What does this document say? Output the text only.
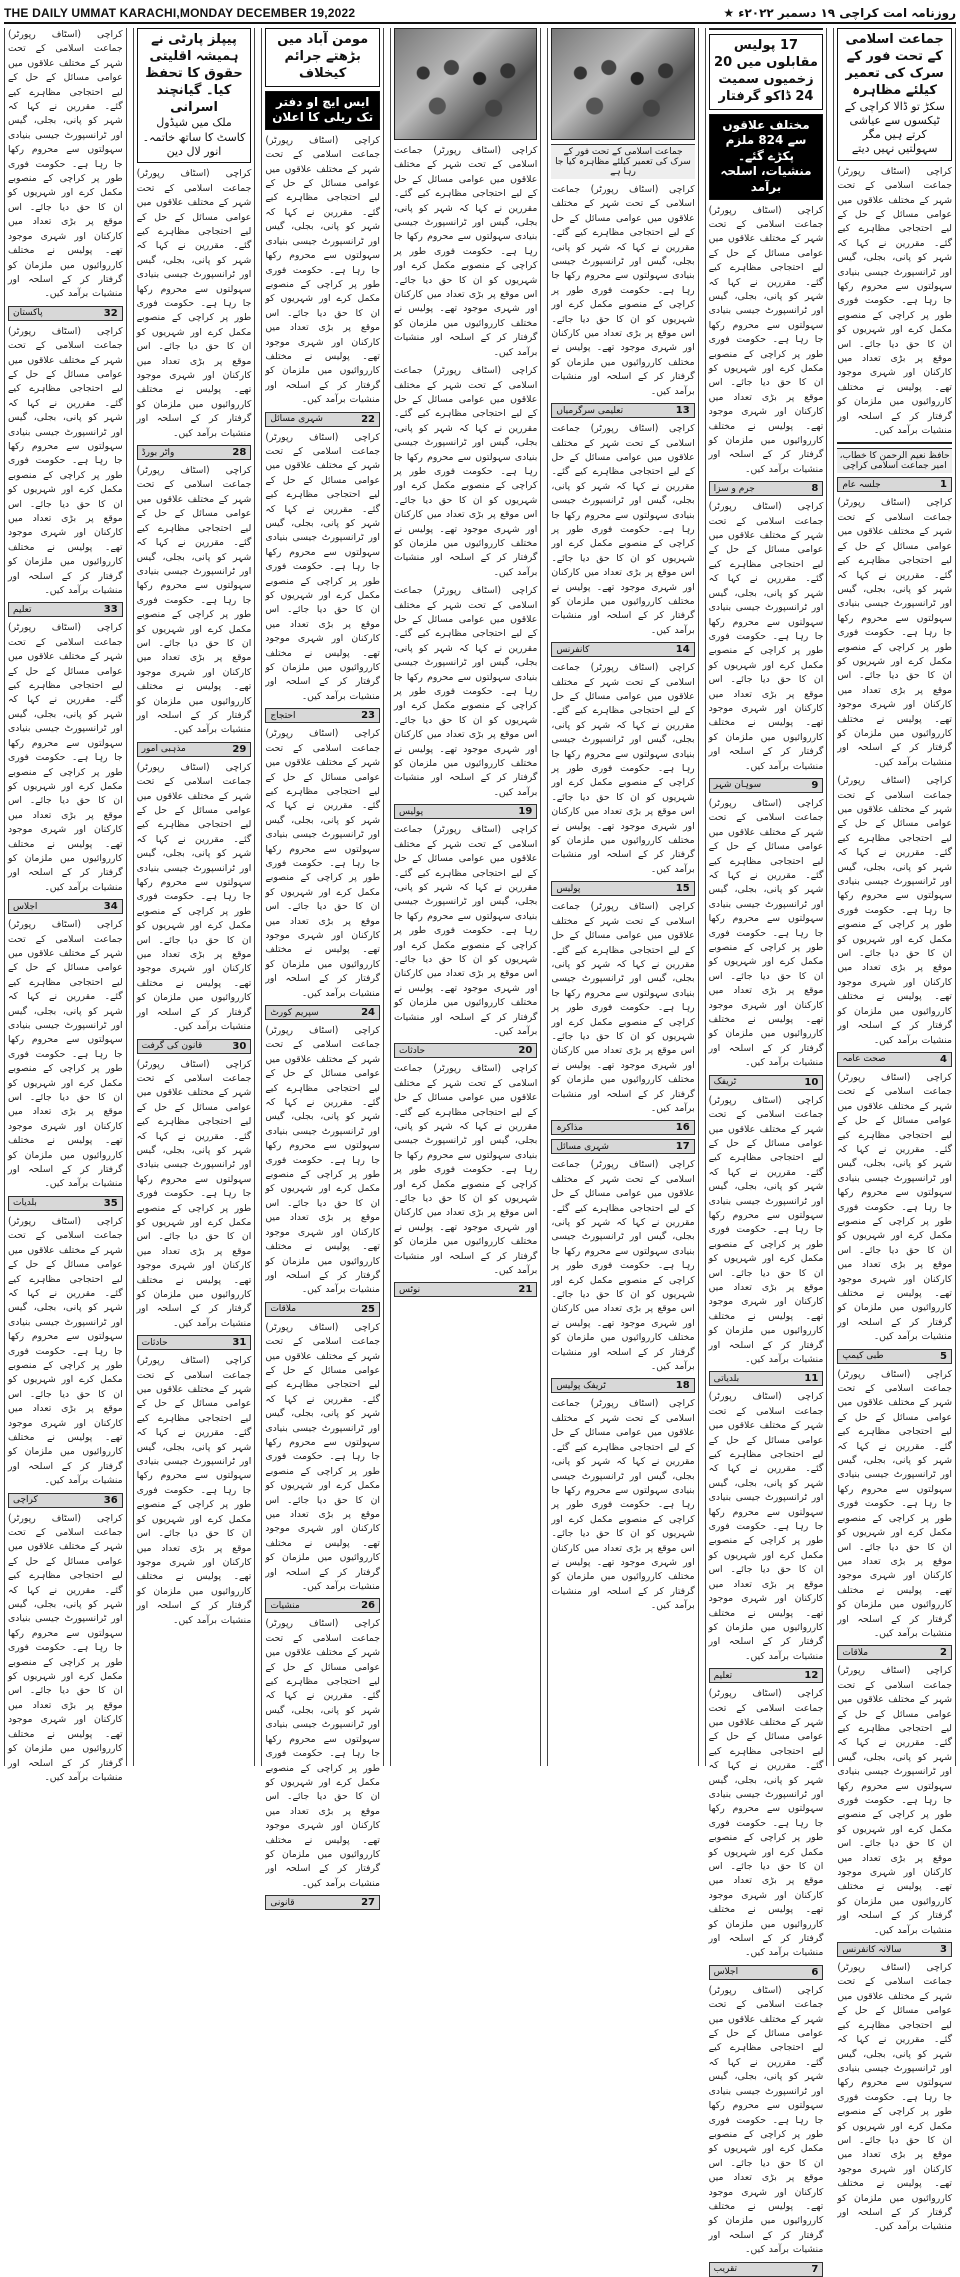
THE DAILY UMMAT KARACHI,MONDAY DECEMBER 19,2022	روزنامہ امت کراچی ۱۹ دسمبر ۲۰۲۲ء ★
جماعت اسلامی کے تحت فور کے سرک کی تعمیر کیلئے مظاہرہ
سکڑ تو ڈالا کراچی کے ٹیکسوں سے عیاشی کرتے ہیں مگر سہولتیں نہیں دیتے
کراچی (اسٹاف رپورٹر) جماعت اسلامی کے تحت شہر کے مختلف علاقوں میں عوامی مسائل کے حل کے لیے احتجاجی مظاہرے کیے گئے۔ مقررین نے کہا کہ شہر کو پانی، بجلی، گیس اور ٹرانسپورٹ جیسی بنیادی سہولتوں سے محروم رکھا جا رہا ہے۔ حکومت فوری طور پر کراچی کے منصوبے مکمل کرے اور شہریوں کو ان کا حق دیا جائے۔ اس موقع پر بڑی تعداد میں کارکنان اور شہری موجود تھے۔ پولیس نے مختلف کارروائیوں میں ملزمان کو گرفتار کر کے اسلحہ اور منشیات برآمد کیں۔
حافظ نعیم الرحمن کا خطاب، امیر جماعت اسلامی کراچی
1
جلسہ عام
کراچی (اسٹاف رپورٹر) جماعت اسلامی کے تحت شہر کے مختلف علاقوں میں عوامی مسائل کے حل کے لیے احتجاجی مظاہرے کیے گئے۔ مقررین نے کہا کہ شہر کو پانی، بجلی، گیس اور ٹرانسپورٹ جیسی بنیادی سہولتوں سے محروم رکھا جا رہا ہے۔ حکومت فوری طور پر کراچی کے منصوبے مکمل کرے اور شہریوں کو ان کا حق دیا جائے۔ اس موقع پر بڑی تعداد میں کارکنان اور شہری موجود تھے۔ پولیس نے مختلف کارروائیوں میں ملزمان کو گرفتار کر کے اسلحہ اور منشیات برآمد کیں۔
کراچی (اسٹاف رپورٹر) جماعت اسلامی کے تحت شہر کے مختلف علاقوں میں عوامی مسائل کے حل کے لیے احتجاجی مظاہرے کیے گئے۔ مقررین نے کہا کہ شہر کو پانی، بجلی، گیس اور ٹرانسپورٹ جیسی بنیادی سہولتوں سے محروم رکھا جا رہا ہے۔ حکومت فوری طور پر کراچی کے منصوبے مکمل کرے اور شہریوں کو ان کا حق دیا جائے۔ اس موقع پر بڑی تعداد میں کارکنان اور شہری موجود تھے۔ پولیس نے مختلف کارروائیوں میں ملزمان کو گرفتار کر کے اسلحہ اور منشیات برآمد کیں۔
4
صحت عامہ
کراچی (اسٹاف رپورٹر) جماعت اسلامی کے تحت شہر کے مختلف علاقوں میں عوامی مسائل کے حل کے لیے احتجاجی مظاہرے کیے گئے۔ مقررین نے کہا کہ شہر کو پانی، بجلی، گیس اور ٹرانسپورٹ جیسی بنیادی سہولتوں سے محروم رکھا جا رہا ہے۔ حکومت فوری طور پر کراچی کے منصوبے مکمل کرے اور شہریوں کو ان کا حق دیا جائے۔ اس موقع پر بڑی تعداد میں کارکنان اور شہری موجود تھے۔ پولیس نے مختلف کارروائیوں میں ملزمان کو گرفتار کر کے اسلحہ اور منشیات برآمد کیں۔
5
طبی کیمپ
کراچی (اسٹاف رپورٹر) جماعت اسلامی کے تحت شہر کے مختلف علاقوں میں عوامی مسائل کے حل کے لیے احتجاجی مظاہرے کیے گئے۔ مقررین نے کہا کہ شہر کو پانی، بجلی، گیس اور ٹرانسپورٹ جیسی بنیادی سہولتوں سے محروم رکھا جا رہا ہے۔ حکومت فوری طور پر کراچی کے منصوبے مکمل کرے اور شہریوں کو ان کا حق دیا جائے۔ اس موقع پر بڑی تعداد میں کارکنان اور شہری موجود تھے۔ پولیس نے مختلف کارروائیوں میں ملزمان کو گرفتار کر کے اسلحہ اور منشیات برآمد کیں۔
2
ملاقات
کراچی (اسٹاف رپورٹر) جماعت اسلامی کے تحت شہر کے مختلف علاقوں میں عوامی مسائل کے حل کے لیے احتجاجی مظاہرے کیے گئے۔ مقررین نے کہا کہ شہر کو پانی، بجلی، گیس اور ٹرانسپورٹ جیسی بنیادی سہولتوں سے محروم رکھا جا رہا ہے۔ حکومت فوری طور پر کراچی کے منصوبے مکمل کرے اور شہریوں کو ان کا حق دیا جائے۔ اس موقع پر بڑی تعداد میں کارکنان اور شہری موجود تھے۔ پولیس نے مختلف کارروائیوں میں ملزمان کو گرفتار کر کے اسلحہ اور منشیات برآمد کیں۔
3
سالانہ کانفرنس
کراچی (اسٹاف رپورٹر) جماعت اسلامی کے تحت شہر کے مختلف علاقوں میں عوامی مسائل کے حل کے لیے احتجاجی مظاہرے کیے گئے۔ مقررین نے کہا کہ شہر کو پانی، بجلی، گیس اور ٹرانسپورٹ جیسی بنیادی سہولتوں سے محروم رکھا جا رہا ہے۔ حکومت فوری طور پر کراچی کے منصوبے مکمل کرے اور شہریوں کو ان کا حق دیا جائے۔ اس موقع پر بڑی تعداد میں کارکنان اور شہری موجود تھے۔ پولیس نے مختلف کارروائیوں میں ملزمان کو گرفتار کر کے اسلحہ اور منشیات برآمد کیں۔
17 پولیس مقابلوں میں 20 زخمیوں سمیت 24 ڈاکو گرفتار
مختلف علاقوں سے 824 ملزم پکڑے گئے۔ منشیات، اسلحہ برآمد
کراچی (اسٹاف رپورٹر) جماعت اسلامی کے تحت شہر کے مختلف علاقوں میں عوامی مسائل کے حل کے لیے احتجاجی مظاہرے کیے گئے۔ مقررین نے کہا کہ شہر کو پانی، بجلی، گیس اور ٹرانسپورٹ جیسی بنیادی سہولتوں سے محروم رکھا جا رہا ہے۔ حکومت فوری طور پر کراچی کے منصوبے مکمل کرے اور شہریوں کو ان کا حق دیا جائے۔ اس موقع پر بڑی تعداد میں کارکنان اور شہری موجود تھے۔ پولیس نے مختلف کارروائیوں میں ملزمان کو گرفتار کر کے اسلحہ اور منشیات برآمد کیں۔
8
جرم و سزا
کراچی (اسٹاف رپورٹر) جماعت اسلامی کے تحت شہر کے مختلف علاقوں میں عوامی مسائل کے حل کے لیے احتجاجی مظاہرے کیے گئے۔ مقررین نے کہا کہ شہر کو پانی، بجلی، گیس اور ٹرانسپورٹ جیسی بنیادی سہولتوں سے محروم رکھا جا رہا ہے۔ حکومت فوری طور پر کراچی کے منصوبے مکمل کرے اور شہریوں کو ان کا حق دیا جائے۔ اس موقع پر بڑی تعداد میں کارکنان اور شہری موجود تھے۔ پولیس نے مختلف کارروائیوں میں ملزمان کو گرفتار کر کے اسلحہ اور منشیات برآمد کیں۔
9
سوہان شہر
کراچی (اسٹاف رپورٹر) جماعت اسلامی کے تحت شہر کے مختلف علاقوں میں عوامی مسائل کے حل کے لیے احتجاجی مظاہرے کیے گئے۔ مقررین نے کہا کہ شہر کو پانی، بجلی، گیس اور ٹرانسپورٹ جیسی بنیادی سہولتوں سے محروم رکھا جا رہا ہے۔ حکومت فوری طور پر کراچی کے منصوبے مکمل کرے اور شہریوں کو ان کا حق دیا جائے۔ اس موقع پر بڑی تعداد میں کارکنان اور شہری موجود تھے۔ پولیس نے مختلف کارروائیوں میں ملزمان کو گرفتار کر کے اسلحہ اور منشیات برآمد کیں۔
10
ٹریفک
کراچی (اسٹاف رپورٹر) جماعت اسلامی کے تحت شہر کے مختلف علاقوں میں عوامی مسائل کے حل کے لیے احتجاجی مظاہرے کیے گئے۔ مقررین نے کہا کہ شہر کو پانی، بجلی، گیس اور ٹرانسپورٹ جیسی بنیادی سہولتوں سے محروم رکھا جا رہا ہے۔ حکومت فوری طور پر کراچی کے منصوبے مکمل کرے اور شہریوں کو ان کا حق دیا جائے۔ اس موقع پر بڑی تعداد میں کارکنان اور شہری موجود تھے۔ پولیس نے مختلف کارروائیوں میں ملزمان کو گرفتار کر کے اسلحہ اور منشیات برآمد کیں۔
11
بلدیاتی
کراچی (اسٹاف رپورٹر) جماعت اسلامی کے تحت شہر کے مختلف علاقوں میں عوامی مسائل کے حل کے لیے احتجاجی مظاہرے کیے گئے۔ مقررین نے کہا کہ شہر کو پانی، بجلی، گیس اور ٹرانسپورٹ جیسی بنیادی سہولتوں سے محروم رکھا جا رہا ہے۔ حکومت فوری طور پر کراچی کے منصوبے مکمل کرے اور شہریوں کو ان کا حق دیا جائے۔ اس موقع پر بڑی تعداد میں کارکنان اور شہری موجود تھے۔ پولیس نے مختلف کارروائیوں میں ملزمان کو گرفتار کر کے اسلحہ اور منشیات برآمد کیں۔
12
تعلیم
کراچی (اسٹاف رپورٹر) جماعت اسلامی کے تحت شہر کے مختلف علاقوں میں عوامی مسائل کے حل کے لیے احتجاجی مظاہرے کیے گئے۔ مقررین نے کہا کہ شہر کو پانی، بجلی، گیس اور ٹرانسپورٹ جیسی بنیادی سہولتوں سے محروم رکھا جا رہا ہے۔ حکومت فوری طور پر کراچی کے منصوبے مکمل کرے اور شہریوں کو ان کا حق دیا جائے۔ اس موقع پر بڑی تعداد میں کارکنان اور شہری موجود تھے۔ پولیس نے مختلف کارروائیوں میں ملزمان کو گرفتار کر کے اسلحہ اور منشیات برآمد کیں۔
6
اجلاس
کراچی (اسٹاف رپورٹر) جماعت اسلامی کے تحت شہر کے مختلف علاقوں میں عوامی مسائل کے حل کے لیے احتجاجی مظاہرے کیے گئے۔ مقررین نے کہا کہ شہر کو پانی، بجلی، گیس اور ٹرانسپورٹ جیسی بنیادی سہولتوں سے محروم رکھا جا رہا ہے۔ حکومت فوری طور پر کراچی کے منصوبے مکمل کرے اور شہریوں کو ان کا حق دیا جائے۔ اس موقع پر بڑی تعداد میں کارکنان اور شہری موجود تھے۔ پولیس نے مختلف کارروائیوں میں ملزمان کو گرفتار کر کے اسلحہ اور منشیات برآمد کیں۔
7
تقریب
جماعت اسلامی کے تحت فور کے سرک کی تعمیر کیلئے مظاہرہ کیا جا رہا ہے
کراچی (اسٹاف رپورٹر) جماعت اسلامی کے تحت شہر کے مختلف علاقوں میں عوامی مسائل کے حل کے لیے احتجاجی مظاہرے کیے گئے۔ مقررین نے کہا کہ شہر کو پانی، بجلی، گیس اور ٹرانسپورٹ جیسی بنیادی سہولتوں سے محروم رکھا جا رہا ہے۔ حکومت فوری طور پر کراچی کے منصوبے مکمل کرے اور شہریوں کو ان کا حق دیا جائے۔ اس موقع پر بڑی تعداد میں کارکنان اور شہری موجود تھے۔ پولیس نے مختلف کارروائیوں میں ملزمان کو گرفتار کر کے اسلحہ اور منشیات برآمد کیں۔
13
تعلیمی سرگرمیاں
کراچی (اسٹاف رپورٹر) جماعت اسلامی کے تحت شہر کے مختلف علاقوں میں عوامی مسائل کے حل کے لیے احتجاجی مظاہرے کیے گئے۔ مقررین نے کہا کہ شہر کو پانی، بجلی، گیس اور ٹرانسپورٹ جیسی بنیادی سہولتوں سے محروم رکھا جا رہا ہے۔ حکومت فوری طور پر کراچی کے منصوبے مکمل کرے اور شہریوں کو ان کا حق دیا جائے۔ اس موقع پر بڑی تعداد میں کارکنان اور شہری موجود تھے۔ پولیس نے مختلف کارروائیوں میں ملزمان کو گرفتار کر کے اسلحہ اور منشیات برآمد کیں۔
14
کانفرنس
کراچی (اسٹاف رپورٹر) جماعت اسلامی کے تحت شہر کے مختلف علاقوں میں عوامی مسائل کے حل کے لیے احتجاجی مظاہرے کیے گئے۔ مقررین نے کہا کہ شہر کو پانی، بجلی، گیس اور ٹرانسپورٹ جیسی بنیادی سہولتوں سے محروم رکھا جا رہا ہے۔ حکومت فوری طور پر کراچی کے منصوبے مکمل کرے اور شہریوں کو ان کا حق دیا جائے۔ اس موقع پر بڑی تعداد میں کارکنان اور شہری موجود تھے۔ پولیس نے مختلف کارروائیوں میں ملزمان کو گرفتار کر کے اسلحہ اور منشیات برآمد کیں۔
15
پولیس
کراچی (اسٹاف رپورٹر) جماعت اسلامی کے تحت شہر کے مختلف علاقوں میں عوامی مسائل کے حل کے لیے احتجاجی مظاہرے کیے گئے۔ مقررین نے کہا کہ شہر کو پانی، بجلی، گیس اور ٹرانسپورٹ جیسی بنیادی سہولتوں سے محروم رکھا جا رہا ہے۔ حکومت فوری طور پر کراچی کے منصوبے مکمل کرے اور شہریوں کو ان کا حق دیا جائے۔ اس موقع پر بڑی تعداد میں کارکنان اور شہری موجود تھے۔ پولیس نے مختلف کارروائیوں میں ملزمان کو گرفتار کر کے اسلحہ اور منشیات برآمد کیں۔
16
مذاکرہ
17
شہری مسائل
کراچی (اسٹاف رپورٹر) جماعت اسلامی کے تحت شہر کے مختلف علاقوں میں عوامی مسائل کے حل کے لیے احتجاجی مظاہرے کیے گئے۔ مقررین نے کہا کہ شہر کو پانی، بجلی، گیس اور ٹرانسپورٹ جیسی بنیادی سہولتوں سے محروم رکھا جا رہا ہے۔ حکومت فوری طور پر کراچی کے منصوبے مکمل کرے اور شہریوں کو ان کا حق دیا جائے۔ اس موقع پر بڑی تعداد میں کارکنان اور شہری موجود تھے۔ پولیس نے مختلف کارروائیوں میں ملزمان کو گرفتار کر کے اسلحہ اور منشیات برآمد کیں۔
18
ٹریفک پولیس
کراچی (اسٹاف رپورٹر) جماعت اسلامی کے تحت شہر کے مختلف علاقوں میں عوامی مسائل کے حل کے لیے احتجاجی مظاہرے کیے گئے۔ مقررین نے کہا کہ شہر کو پانی، بجلی، گیس اور ٹرانسپورٹ جیسی بنیادی سہولتوں سے محروم رکھا جا رہا ہے۔ حکومت فوری طور پر کراچی کے منصوبے مکمل کرے اور شہریوں کو ان کا حق دیا جائے۔ اس موقع پر بڑی تعداد میں کارکنان اور شہری موجود تھے۔ پولیس نے مختلف کارروائیوں میں ملزمان کو گرفتار کر کے اسلحہ اور منشیات برآمد کیں۔
کراچی (اسٹاف رپورٹر) جماعت اسلامی کے تحت شہر کے مختلف علاقوں میں عوامی مسائل کے حل کے لیے احتجاجی مظاہرے کیے گئے۔ مقررین نے کہا کہ شہر کو پانی، بجلی، گیس اور ٹرانسپورٹ جیسی بنیادی سہولتوں سے محروم رکھا جا رہا ہے۔ حکومت فوری طور پر کراچی کے منصوبے مکمل کرے اور شہریوں کو ان کا حق دیا جائے۔ اس موقع پر بڑی تعداد میں کارکنان اور شہری موجود تھے۔ پولیس نے مختلف کارروائیوں میں ملزمان کو گرفتار کر کے اسلحہ اور منشیات برآمد کیں۔
کراچی (اسٹاف رپورٹر) جماعت اسلامی کے تحت شہر کے مختلف علاقوں میں عوامی مسائل کے حل کے لیے احتجاجی مظاہرے کیے گئے۔ مقررین نے کہا کہ شہر کو پانی، بجلی، گیس اور ٹرانسپورٹ جیسی بنیادی سہولتوں سے محروم رکھا جا رہا ہے۔ حکومت فوری طور پر کراچی کے منصوبے مکمل کرے اور شہریوں کو ان کا حق دیا جائے۔ اس موقع پر بڑی تعداد میں کارکنان اور شہری موجود تھے۔ پولیس نے مختلف کارروائیوں میں ملزمان کو گرفتار کر کے اسلحہ اور منشیات برآمد کیں۔
کراچی (اسٹاف رپورٹر) جماعت اسلامی کے تحت شہر کے مختلف علاقوں میں عوامی مسائل کے حل کے لیے احتجاجی مظاہرے کیے گئے۔ مقررین نے کہا کہ شہر کو پانی، بجلی، گیس اور ٹرانسپورٹ جیسی بنیادی سہولتوں سے محروم رکھا جا رہا ہے۔ حکومت فوری طور پر کراچی کے منصوبے مکمل کرے اور شہریوں کو ان کا حق دیا جائے۔ اس موقع پر بڑی تعداد میں کارکنان اور شہری موجود تھے۔ پولیس نے مختلف کارروائیوں میں ملزمان کو گرفتار کر کے اسلحہ اور منشیات برآمد کیں۔
19
پولیس
کراچی (اسٹاف رپورٹر) جماعت اسلامی کے تحت شہر کے مختلف علاقوں میں عوامی مسائل کے حل کے لیے احتجاجی مظاہرے کیے گئے۔ مقررین نے کہا کہ شہر کو پانی، بجلی، گیس اور ٹرانسپورٹ جیسی بنیادی سہولتوں سے محروم رکھا جا رہا ہے۔ حکومت فوری طور پر کراچی کے منصوبے مکمل کرے اور شہریوں کو ان کا حق دیا جائے۔ اس موقع پر بڑی تعداد میں کارکنان اور شہری موجود تھے۔ پولیس نے مختلف کارروائیوں میں ملزمان کو گرفتار کر کے اسلحہ اور منشیات برآمد کیں۔
20
حادثات
کراچی (اسٹاف رپورٹر) جماعت اسلامی کے تحت شہر کے مختلف علاقوں میں عوامی مسائل کے حل کے لیے احتجاجی مظاہرے کیے گئے۔ مقررین نے کہا کہ شہر کو پانی، بجلی، گیس اور ٹرانسپورٹ جیسی بنیادی سہولتوں سے محروم رکھا جا رہا ہے۔ حکومت فوری طور پر کراچی کے منصوبے مکمل کرے اور شہریوں کو ان کا حق دیا جائے۔ اس موقع پر بڑی تعداد میں کارکنان اور شہری موجود تھے۔ پولیس نے مختلف کارروائیوں میں ملزمان کو گرفتار کر کے اسلحہ اور منشیات برآمد کیں۔
21
نوٹس
مومن آباد میں بڑھتے جرائم کیخلاف
ایس ایچ او دفتر تک ریلی کا اعلان
کراچی (اسٹاف رپورٹر) جماعت اسلامی کے تحت شہر کے مختلف علاقوں میں عوامی مسائل کے حل کے لیے احتجاجی مظاہرے کیے گئے۔ مقررین نے کہا کہ شہر کو پانی، بجلی، گیس اور ٹرانسپورٹ جیسی بنیادی سہولتوں سے محروم رکھا جا رہا ہے۔ حکومت فوری طور پر کراچی کے منصوبے مکمل کرے اور شہریوں کو ان کا حق دیا جائے۔ اس موقع پر بڑی تعداد میں کارکنان اور شہری موجود تھے۔ پولیس نے مختلف کارروائیوں میں ملزمان کو گرفتار کر کے اسلحہ اور منشیات برآمد کیں۔
22
شہری مسائل
کراچی (اسٹاف رپورٹر) جماعت اسلامی کے تحت شہر کے مختلف علاقوں میں عوامی مسائل کے حل کے لیے احتجاجی مظاہرے کیے گئے۔ مقررین نے کہا کہ شہر کو پانی، بجلی، گیس اور ٹرانسپورٹ جیسی بنیادی سہولتوں سے محروم رکھا جا رہا ہے۔ حکومت فوری طور پر کراچی کے منصوبے مکمل کرے اور شہریوں کو ان کا حق دیا جائے۔ اس موقع پر بڑی تعداد میں کارکنان اور شہری موجود تھے۔ پولیس نے مختلف کارروائیوں میں ملزمان کو گرفتار کر کے اسلحہ اور منشیات برآمد کیں۔
23
احتجاج
کراچی (اسٹاف رپورٹر) جماعت اسلامی کے تحت شہر کے مختلف علاقوں میں عوامی مسائل کے حل کے لیے احتجاجی مظاہرے کیے گئے۔ مقررین نے کہا کہ شہر کو پانی، بجلی، گیس اور ٹرانسپورٹ جیسی بنیادی سہولتوں سے محروم رکھا جا رہا ہے۔ حکومت فوری طور پر کراچی کے منصوبے مکمل کرے اور شہریوں کو ان کا حق دیا جائے۔ اس موقع پر بڑی تعداد میں کارکنان اور شہری موجود تھے۔ پولیس نے مختلف کارروائیوں میں ملزمان کو گرفتار کر کے اسلحہ اور منشیات برآمد کیں۔
24
سپریم کورٹ
کراچی (اسٹاف رپورٹر) جماعت اسلامی کے تحت شہر کے مختلف علاقوں میں عوامی مسائل کے حل کے لیے احتجاجی مظاہرے کیے گئے۔ مقررین نے کہا کہ شہر کو پانی، بجلی، گیس اور ٹرانسپورٹ جیسی بنیادی سہولتوں سے محروم رکھا جا رہا ہے۔ حکومت فوری طور پر کراچی کے منصوبے مکمل کرے اور شہریوں کو ان کا حق دیا جائے۔ اس موقع پر بڑی تعداد میں کارکنان اور شہری موجود تھے۔ پولیس نے مختلف کارروائیوں میں ملزمان کو گرفتار کر کے اسلحہ اور منشیات برآمد کیں۔
25
ملاقات
کراچی (اسٹاف رپورٹر) جماعت اسلامی کے تحت شہر کے مختلف علاقوں میں عوامی مسائل کے حل کے لیے احتجاجی مظاہرے کیے گئے۔ مقررین نے کہا کہ شہر کو پانی، بجلی، گیس اور ٹرانسپورٹ جیسی بنیادی سہولتوں سے محروم رکھا جا رہا ہے۔ حکومت فوری طور پر کراچی کے منصوبے مکمل کرے اور شہریوں کو ان کا حق دیا جائے۔ اس موقع پر بڑی تعداد میں کارکنان اور شہری موجود تھے۔ پولیس نے مختلف کارروائیوں میں ملزمان کو گرفتار کر کے اسلحہ اور منشیات برآمد کیں۔
26
منشیات
کراچی (اسٹاف رپورٹر) جماعت اسلامی کے تحت شہر کے مختلف علاقوں میں عوامی مسائل کے حل کے لیے احتجاجی مظاہرے کیے گئے۔ مقررین نے کہا کہ شہر کو پانی، بجلی، گیس اور ٹرانسپورٹ جیسی بنیادی سہولتوں سے محروم رکھا جا رہا ہے۔ حکومت فوری طور پر کراچی کے منصوبے مکمل کرے اور شہریوں کو ان کا حق دیا جائے۔ اس موقع پر بڑی تعداد میں کارکنان اور شہری موجود تھے۔ پولیس نے مختلف کارروائیوں میں ملزمان کو گرفتار کر کے اسلحہ اور منشیات برآمد کیں۔
27
قانونی
پیپلز پارٹی نے ہمیشہ اقلیتی حقوق کا تحفظ کیا۔ گیانچند اسرانی
ملک میں شیڈول کاسٹ کا ساتھ خاتمہ۔ انور لال دین
کراچی (اسٹاف رپورٹر) جماعت اسلامی کے تحت شہر کے مختلف علاقوں میں عوامی مسائل کے حل کے لیے احتجاجی مظاہرے کیے گئے۔ مقررین نے کہا کہ شہر کو پانی، بجلی، گیس اور ٹرانسپورٹ جیسی بنیادی سہولتوں سے محروم رکھا جا رہا ہے۔ حکومت فوری طور پر کراچی کے منصوبے مکمل کرے اور شہریوں کو ان کا حق دیا جائے۔ اس موقع پر بڑی تعداد میں کارکنان اور شہری موجود تھے۔ پولیس نے مختلف کارروائیوں میں ملزمان کو گرفتار کر کے اسلحہ اور منشیات برآمد کیں۔
28
واٹر بورڈ
کراچی (اسٹاف رپورٹر) جماعت اسلامی کے تحت شہر کے مختلف علاقوں میں عوامی مسائل کے حل کے لیے احتجاجی مظاہرے کیے گئے۔ مقررین نے کہا کہ شہر کو پانی، بجلی، گیس اور ٹرانسپورٹ جیسی بنیادی سہولتوں سے محروم رکھا جا رہا ہے۔ حکومت فوری طور پر کراچی کے منصوبے مکمل کرے اور شہریوں کو ان کا حق دیا جائے۔ اس موقع پر بڑی تعداد میں کارکنان اور شہری موجود تھے۔ پولیس نے مختلف کارروائیوں میں ملزمان کو گرفتار کر کے اسلحہ اور منشیات برآمد کیں۔
29
مذہبی امور
کراچی (اسٹاف رپورٹر) جماعت اسلامی کے تحت شہر کے مختلف علاقوں میں عوامی مسائل کے حل کے لیے احتجاجی مظاہرے کیے گئے۔ مقررین نے کہا کہ شہر کو پانی، بجلی، گیس اور ٹرانسپورٹ جیسی بنیادی سہولتوں سے محروم رکھا جا رہا ہے۔ حکومت فوری طور پر کراچی کے منصوبے مکمل کرے اور شہریوں کو ان کا حق دیا جائے۔ اس موقع پر بڑی تعداد میں کارکنان اور شہری موجود تھے۔ پولیس نے مختلف کارروائیوں میں ملزمان کو گرفتار کر کے اسلحہ اور منشیات برآمد کیں۔
30
قانون کی گرفت
کراچی (اسٹاف رپورٹر) جماعت اسلامی کے تحت شہر کے مختلف علاقوں میں عوامی مسائل کے حل کے لیے احتجاجی مظاہرے کیے گئے۔ مقررین نے کہا کہ شہر کو پانی، بجلی، گیس اور ٹرانسپورٹ جیسی بنیادی سہولتوں سے محروم رکھا جا رہا ہے۔ حکومت فوری طور پر کراچی کے منصوبے مکمل کرے اور شہریوں کو ان کا حق دیا جائے۔ اس موقع پر بڑی تعداد میں کارکنان اور شہری موجود تھے۔ پولیس نے مختلف کارروائیوں میں ملزمان کو گرفتار کر کے اسلحہ اور منشیات برآمد کیں۔
31
حادثات
کراچی (اسٹاف رپورٹر) جماعت اسلامی کے تحت شہر کے مختلف علاقوں میں عوامی مسائل کے حل کے لیے احتجاجی مظاہرے کیے گئے۔ مقررین نے کہا کہ شہر کو پانی، بجلی، گیس اور ٹرانسپورٹ جیسی بنیادی سہولتوں سے محروم رکھا جا رہا ہے۔ حکومت فوری طور پر کراچی کے منصوبے مکمل کرے اور شہریوں کو ان کا حق دیا جائے۔ اس موقع پر بڑی تعداد میں کارکنان اور شہری موجود تھے۔ پولیس نے مختلف کارروائیوں میں ملزمان کو گرفتار کر کے اسلحہ اور منشیات برآمد کیں۔
کراچی (اسٹاف رپورٹر) جماعت اسلامی کے تحت شہر کے مختلف علاقوں میں عوامی مسائل کے حل کے لیے احتجاجی مظاہرے کیے گئے۔ مقررین نے کہا کہ شہر کو پانی، بجلی، گیس اور ٹرانسپورٹ جیسی بنیادی سہولتوں سے محروم رکھا جا رہا ہے۔ حکومت فوری طور پر کراچی کے منصوبے مکمل کرے اور شہریوں کو ان کا حق دیا جائے۔ اس موقع پر بڑی تعداد میں کارکنان اور شہری موجود تھے۔ پولیس نے مختلف کارروائیوں میں ملزمان کو گرفتار کر کے اسلحہ اور منشیات برآمد کیں۔
32
پاکستان
کراچی (اسٹاف رپورٹر) جماعت اسلامی کے تحت شہر کے مختلف علاقوں میں عوامی مسائل کے حل کے لیے احتجاجی مظاہرے کیے گئے۔ مقررین نے کہا کہ شہر کو پانی، بجلی، گیس اور ٹرانسپورٹ جیسی بنیادی سہولتوں سے محروم رکھا جا رہا ہے۔ حکومت فوری طور پر کراچی کے منصوبے مکمل کرے اور شہریوں کو ان کا حق دیا جائے۔ اس موقع پر بڑی تعداد میں کارکنان اور شہری موجود تھے۔ پولیس نے مختلف کارروائیوں میں ملزمان کو گرفتار کر کے اسلحہ اور منشیات برآمد کیں۔
33
تعلیم
کراچی (اسٹاف رپورٹر) جماعت اسلامی کے تحت شہر کے مختلف علاقوں میں عوامی مسائل کے حل کے لیے احتجاجی مظاہرے کیے گئے۔ مقررین نے کہا کہ شہر کو پانی، بجلی، گیس اور ٹرانسپورٹ جیسی بنیادی سہولتوں سے محروم رکھا جا رہا ہے۔ حکومت فوری طور پر کراچی کے منصوبے مکمل کرے اور شہریوں کو ان کا حق دیا جائے۔ اس موقع پر بڑی تعداد میں کارکنان اور شہری موجود تھے۔ پولیس نے مختلف کارروائیوں میں ملزمان کو گرفتار کر کے اسلحہ اور منشیات برآمد کیں۔
34
اجلاس
کراچی (اسٹاف رپورٹر) جماعت اسلامی کے تحت شہر کے مختلف علاقوں میں عوامی مسائل کے حل کے لیے احتجاجی مظاہرے کیے گئے۔ مقررین نے کہا کہ شہر کو پانی، بجلی، گیس اور ٹرانسپورٹ جیسی بنیادی سہولتوں سے محروم رکھا جا رہا ہے۔ حکومت فوری طور پر کراچی کے منصوبے مکمل کرے اور شہریوں کو ان کا حق دیا جائے۔ اس موقع پر بڑی تعداد میں کارکنان اور شہری موجود تھے۔ پولیس نے مختلف کارروائیوں میں ملزمان کو گرفتار کر کے اسلحہ اور منشیات برآمد کیں۔
35
بلدیات
کراچی (اسٹاف رپورٹر) جماعت اسلامی کے تحت شہر کے مختلف علاقوں میں عوامی مسائل کے حل کے لیے احتجاجی مظاہرے کیے گئے۔ مقررین نے کہا کہ شہر کو پانی، بجلی، گیس اور ٹرانسپورٹ جیسی بنیادی سہولتوں سے محروم رکھا جا رہا ہے۔ حکومت فوری طور پر کراچی کے منصوبے مکمل کرے اور شہریوں کو ان کا حق دیا جائے۔ اس موقع پر بڑی تعداد میں کارکنان اور شہری موجود تھے۔ پولیس نے مختلف کارروائیوں میں ملزمان کو گرفتار کر کے اسلحہ اور منشیات برآمد کیں۔
36
کراچی
کراچی (اسٹاف رپورٹر) جماعت اسلامی کے تحت شہر کے مختلف علاقوں میں عوامی مسائل کے حل کے لیے احتجاجی مظاہرے کیے گئے۔ مقررین نے کہا کہ شہر کو پانی، بجلی، گیس اور ٹرانسپورٹ جیسی بنیادی سہولتوں سے محروم رکھا جا رہا ہے۔ حکومت فوری طور پر کراچی کے منصوبے مکمل کرے اور شہریوں کو ان کا حق دیا جائے۔ اس موقع پر بڑی تعداد میں کارکنان اور شہری موجود تھے۔ پولیس نے مختلف کارروائیوں میں ملزمان کو گرفتار کر کے اسلحہ اور منشیات برآمد کیں۔
